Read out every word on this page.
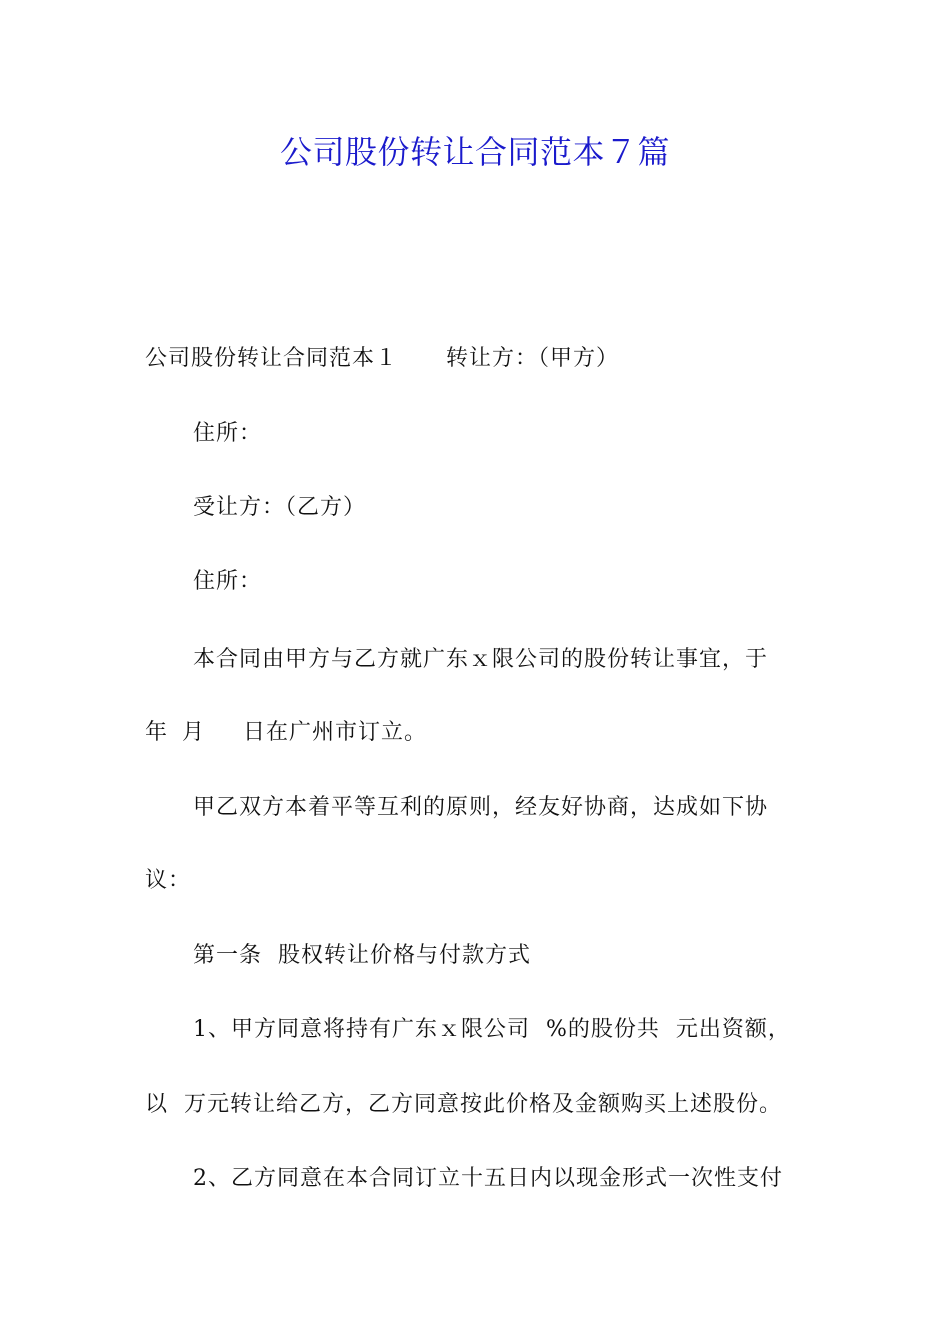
公司股份转让合同范本７篇
公司股份转让合同范本１ 转让方：（甲方）
住所：
受让方：（乙方）
住所：
本合同由甲方与乙方就广东ｘ限公司的股份转让事宜，于
年 月 日在广州市订立。
甲乙双方本着平等互利的原则，经友好协商，达成如下协
议：
第一条  股权转让价格与付款方式
1、甲方同意将持有广东ｘ限公司  %的股份共  元出资额，
以  万元转让给乙方，乙方同意按此价格及金额购买上述股份。
2、乙方同意在本合同订立十五日内以现金形式一次性支付
